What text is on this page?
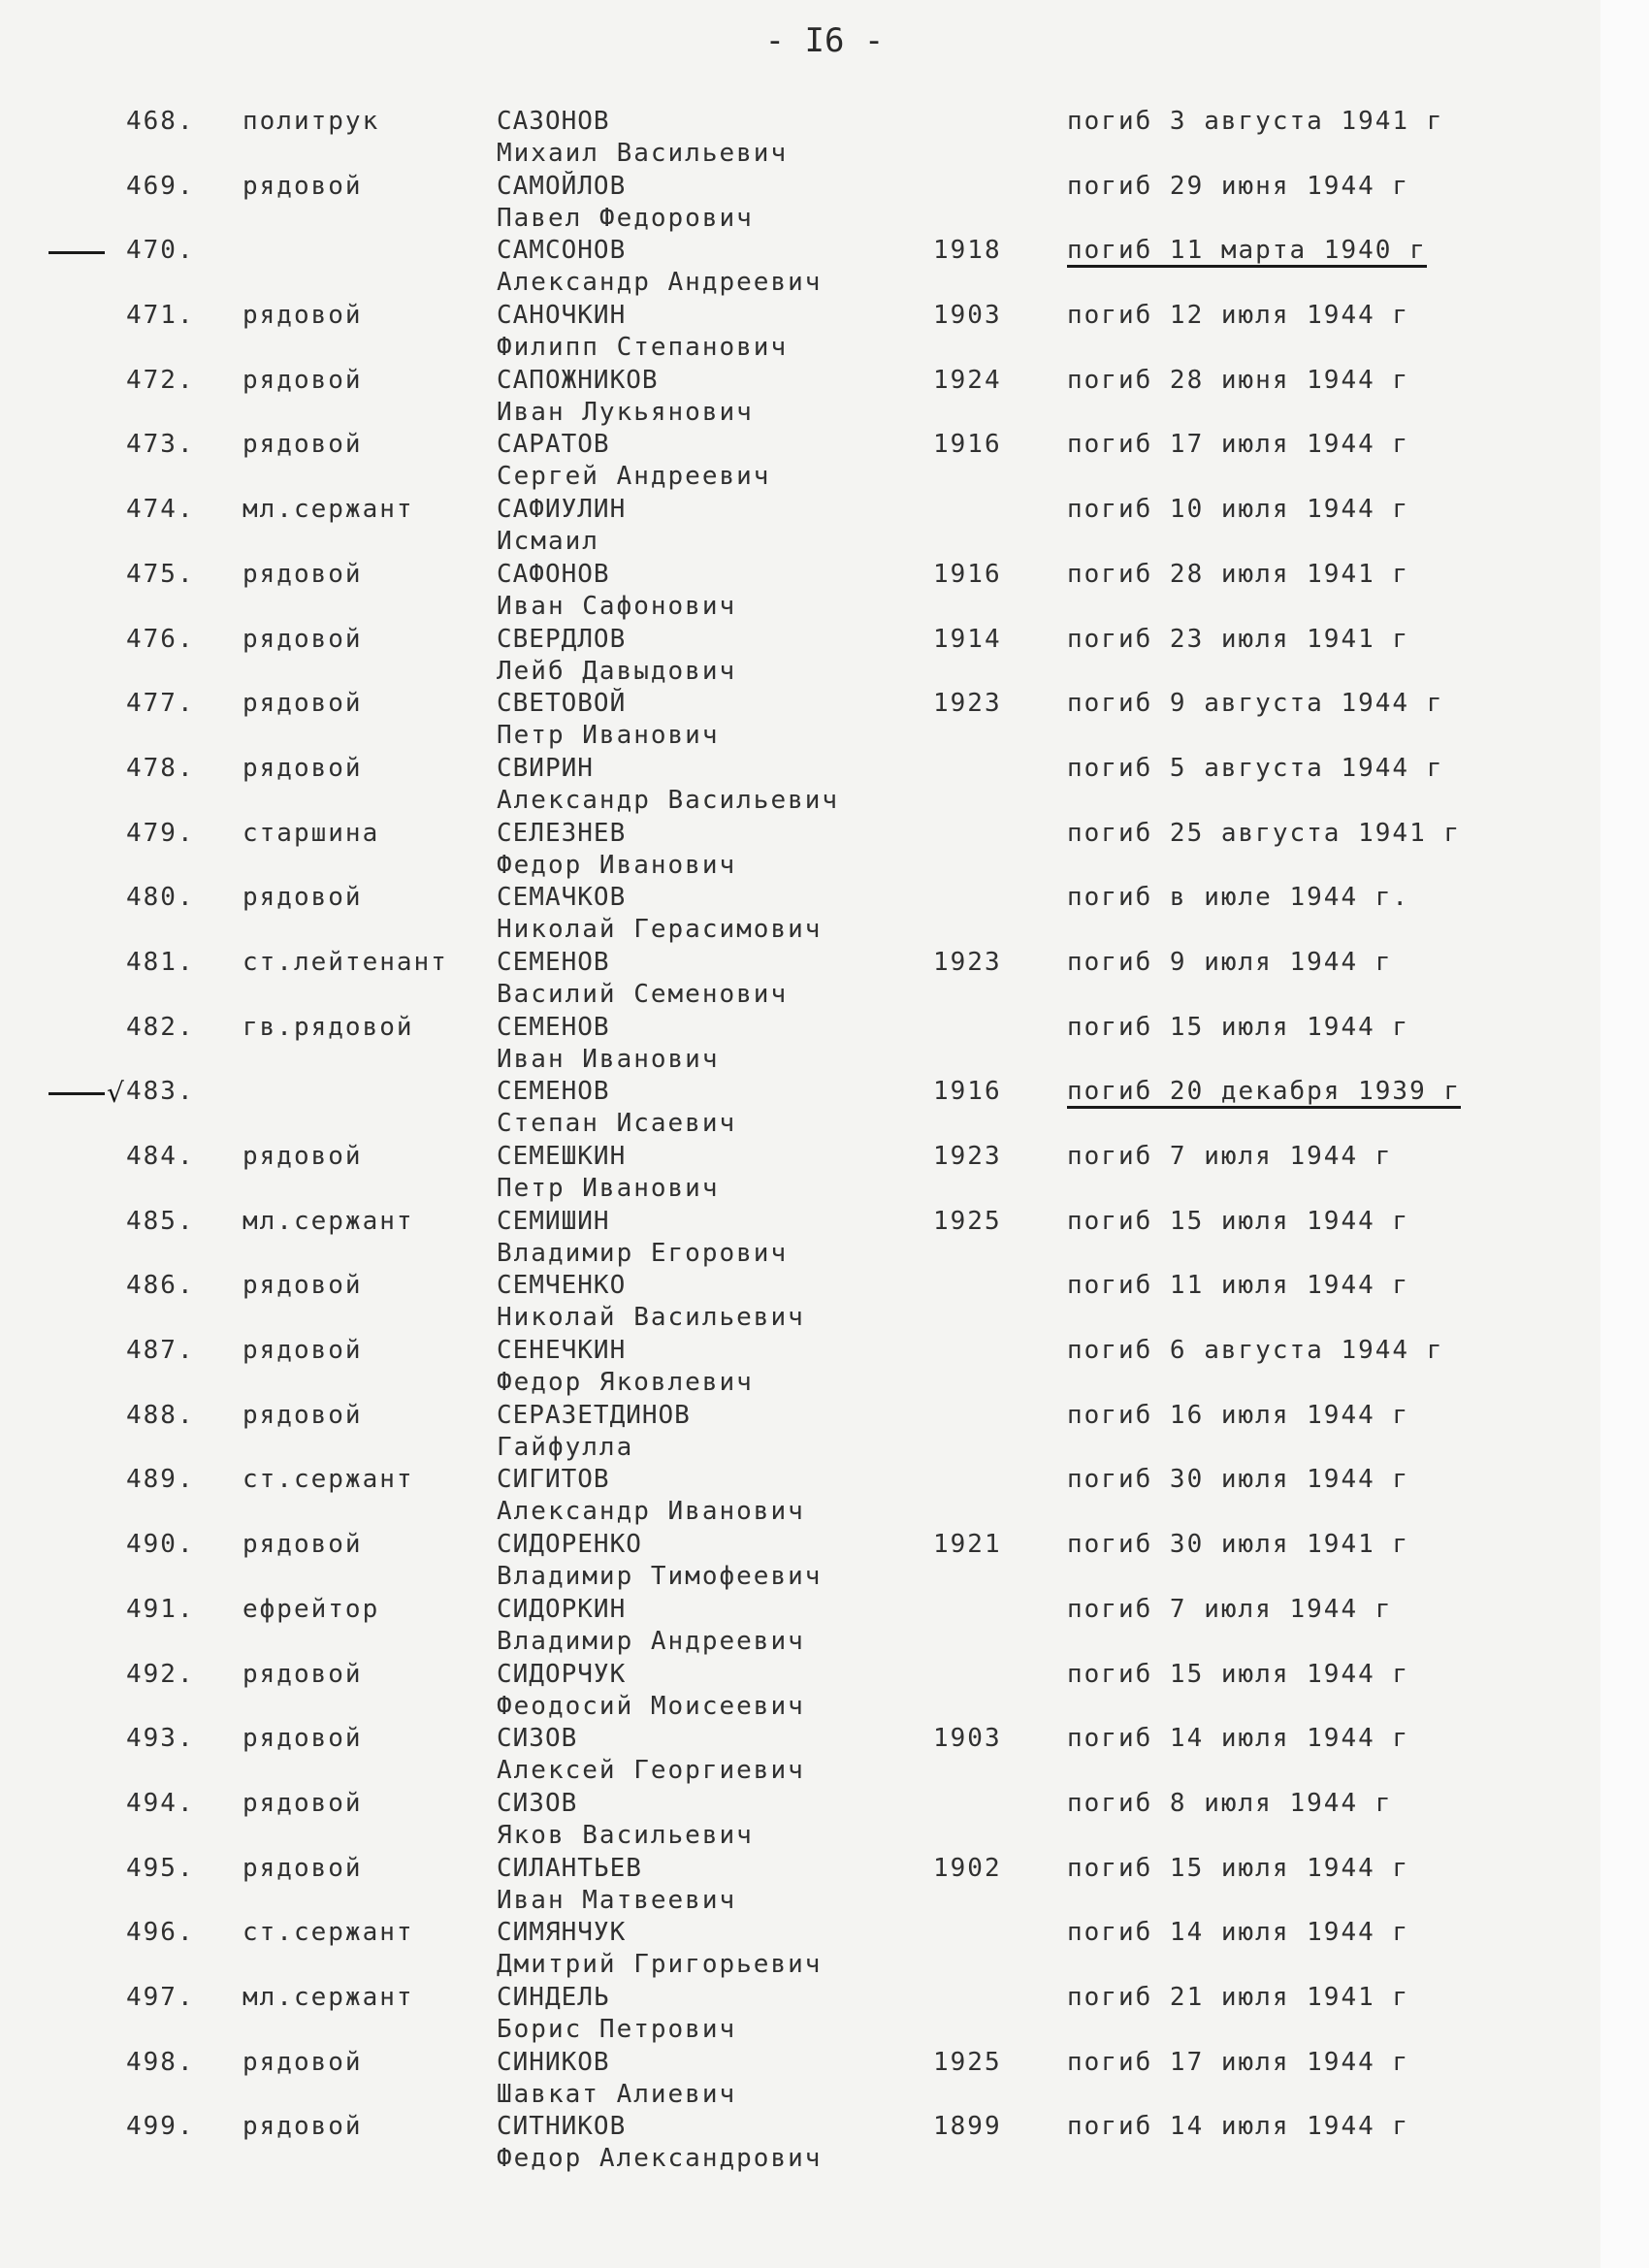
- I6 -
468. политрук	САЗОНОВ
Михаил Васильевич
погиб 3 августа 1941 г
469. рядовой	САМОЙЛОВ
Павел Федорович
погиб 29 июня 1944 г
470.	САМСОНОВ
Александр Андреевич
1918	погиб 11 марта 1940 г
471. рядовой	САНОЧКИН
Филипп Степанович
1903	погиб 12 июля 1944 г
472. рядовой	САПОЖНИКОВ
Иван Лукьянович
1924	погиб 28 июня 1944 г
473. рядовой	САРАТОВ
Сергей Андреевич
1916	погиб 17 июля 1944 г
474. мл.сержант	САФИУЛИН
Исмаил
погиб 10 июля 1944 г
475. рядовой	САФОНОВ
Иван Сафонович
1916	погиб 28 июля 1941 г
476. рядовой	СВЕРДЛОВ
Лейб Давыдович
1914	погиб 23 июля 1941 г
477. рядовой	СВЕТОВОЙ
Петр Иванович
1923	погиб 9 августа 1944 г
478. рядовой	СВИРИН
Александр Васильевич
погиб 5 августа 1944 г
479. старшина	СЕЛЕЗНЕВ
Федор Иванович
погиб 25 августа 1941 г
480. рядовой	СЕМАЧКОВ
Николай Герасимович
погиб в июле 1944 г.
481. ст.лейтенант СЕМЕНОВ
Василий Семенович
1923	погиб 9 июля 1944 г
482. гв.рядовой	СЕМЕНОВ
Иван Иванович
погиб 15 июля 1944 г
483.	СЕМЕНОВ
Степан Исаевич
1916	погиб 20 декабря 1939 г
√
484. рядовой	СЕМЕШКИН
Петр Иванович
1923	погиб 7 июля 1944 г
485. мл.сержант	СЕМИШИН
Владимир Егорович
1925	погиб 15 июля 1944 г
486. рядовой	СЕМЧЕНКО
Николай Васильевич
погиб 11 июля 1944 г
487. рядовой	СЕНЕЧКИН
Федор Яковлевич
погиб 6 августа 1944 г
488. рядовой	СЕРАЗЕТДИНОВ
Гайфулла
погиб 16 июля 1944 г
489. ст.сержант	СИГИТОВ
Александр Иванович
погиб 30 июля 1944 г
490. рядовой	СИДОРЕНКО
Владимир Тимофеевич
1921	погиб 30 июля 1941 г
491. ефрейтор	СИДОРКИН
Владимир Андреевич
погиб 7 июля 1944 г
492. рядовой	СИДОРЧУК
Феодосий Моисеевич
погиб 15 июля 1944 г
493. рядовой	СИЗОВ
Алексей Георгиевич
1903	погиб 14 июля 1944 г
494. рядовой	СИЗОВ
Яков Васильевич
погиб 8 июля 1944 г
495. рядовой	СИЛАНТЬЕВ
Иван Матвеевич
1902	погиб 15 июля 1944 г
496. ст.сержант	СИМЯНЧУК
Дмитрий Григорьевич
погиб 14 июля 1944 г
497. мл.сержант	СИНДЕЛЬ
Борис Петрович
погиб 21 июля 1941 г
498. рядовой	СИНИКОВ
Шавкат Алиевич
1925	погиб 17 июля 1944 г
499. рядовой	СИТНИКОВ
Федор Александрович
1899	погиб 14 июля 1944 г
